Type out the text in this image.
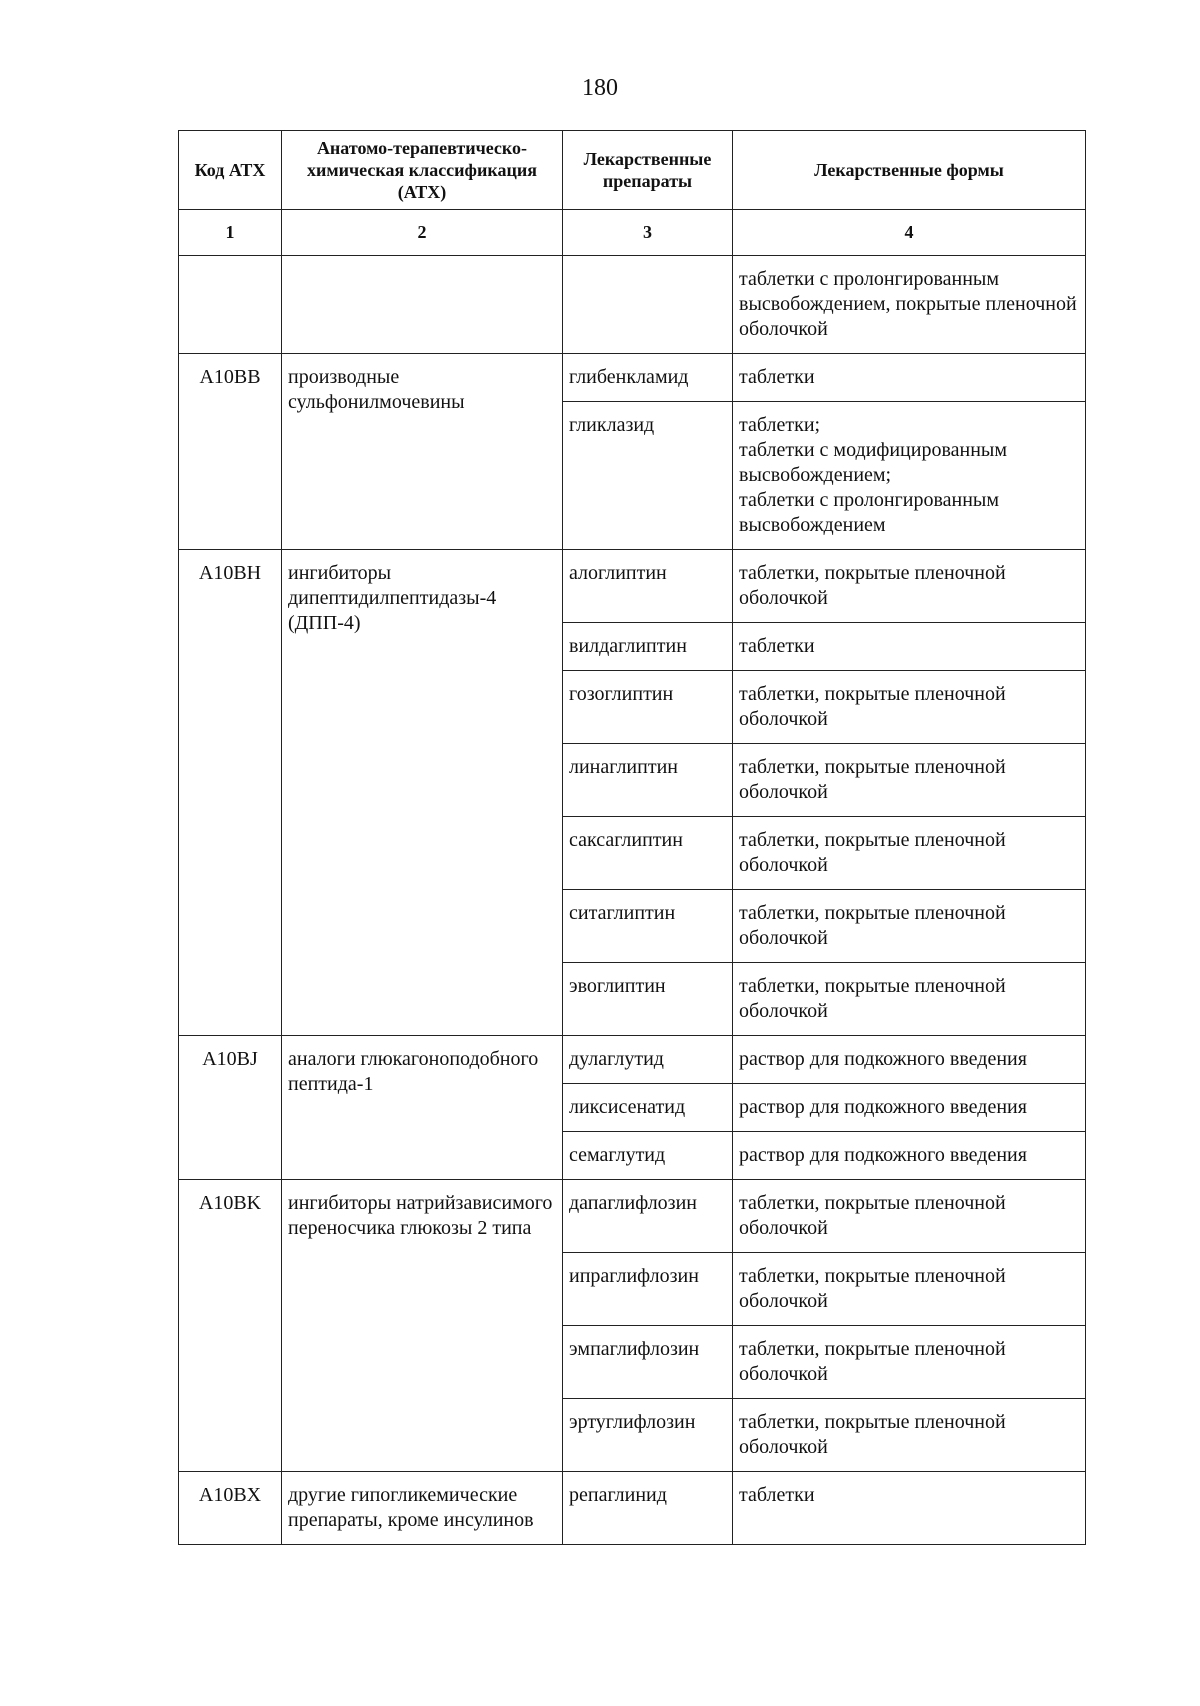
180
Код АТХ	Анатомо-терапевтическо-химическая классификация (АТХ)	Лекарственные препараты	Лекарственные формы
1	2	3	4
			таблетки с пролонгированным высвобождением, покрытые пленочной оболочкой
A10BB	производные сульфонилмочевины	глибенкламид	таблетки

		гликлазид	таблетки;
таблетки с модифицированным высвобождением;
таблетки с пролонгированным высвобождением

A10BH	ингибиторы дипептидилпептидазы-4 (ДПП-4)	алоглиптин	таблетки, покрытые пленочной оболочкой

		вилдаглиптин	таблетки

		гозоглиптин	таблетки, покрытые пленочной оболочкой

		линаглиптин	таблетки, покрытые пленочной оболочкой

		саксаглиптин	таблетки, покрытые пленочной оболочкой

		ситаглиптин	таблетки, покрытые пленочной оболочкой

		эвоглиптин	таблетки, покрытые пленочной оболочкой

A10BJ	аналоги глюкагоноподобного пептида-1	дулаглутид	раствор для подкожного введения

		ликсисенатид	раствор для подкожного введения

		семаглутид	раствор для подкожного введения

A10BK	ингибиторы натрийзависимого переносчика глюкозы 2 типа	дапаглифлозин	таблетки, покрытые пленочной оболочкой

		ипраглифлозин	таблетки, покрытые пленочной оболочкой

		эмпаглифлозин	таблетки, покрытые пленочной оболочкой

		эртуглифлозин	таблетки, покрытые пленочной оболочкой

A10BX	другие гипогликемические препараты, кроме инсулинов	репаглинид	таблетки
